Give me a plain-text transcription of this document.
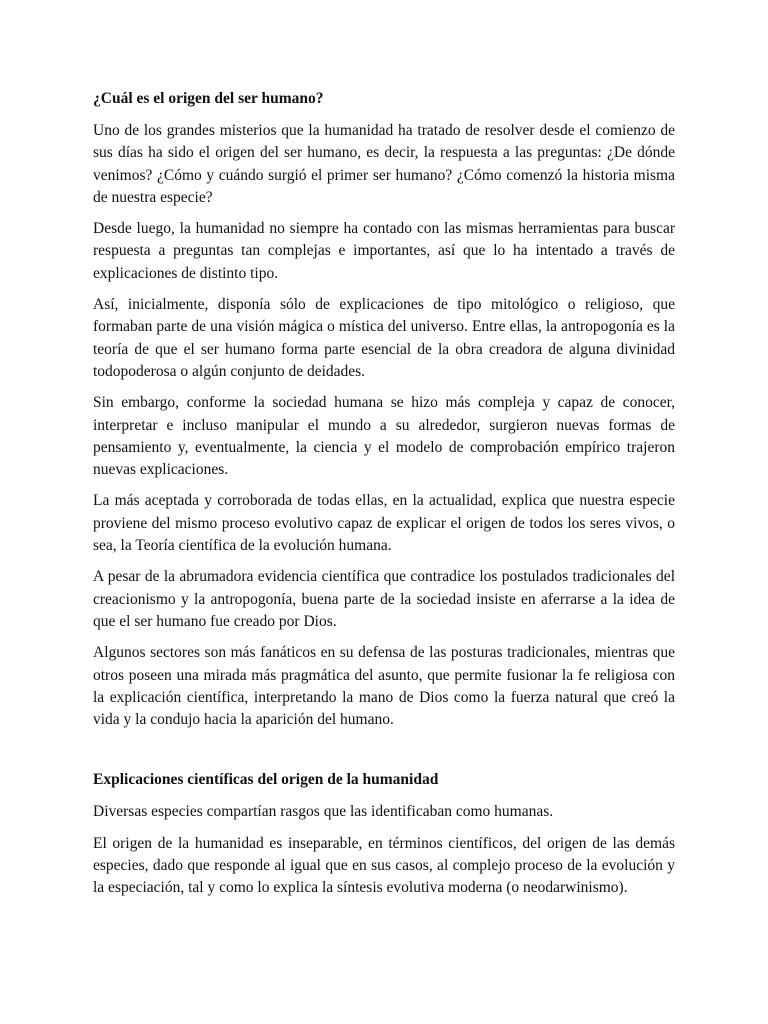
¿Cuál es el origen del ser humano?

Uno de los grandes misterios que la humanidad ha tratado de resolver desde el comienzo de sus días ha sido el origen del ser humano, es decir, la respuesta a las preguntas: ¿De dónde venimos? ¿Cómo y cuándo surgió el primer ser humano? ¿Cómo comenzó la historia misma de nuestra especie?

Desde luego, la humanidad no siempre ha contado con las mismas herramientas para buscar respuesta a preguntas tan complejas e importantes, así que lo ha intentado a través de explicaciones de distinto tipo.

Así, inicialmente, disponía sólo de explicaciones de tipo mitológico o religioso, que formaban parte de una visión mágica o mística del universo. Entre ellas, la antropogonía es la teoría de que el ser humano forma parte esencial de la obra creadora de alguna divinidad todopoderosa o algún conjunto de deidades.

Sin embargo, conforme la sociedad humana se hizo más compleja y capaz de conocer, interpretar e incluso manipular el mundo a su alrededor, surgieron nuevas formas de pensamiento y, eventualmente, la ciencia y el modelo de comprobación empírico trajeron nuevas explicaciones.

La más aceptada y corroborada de todas ellas, en la actualidad, explica que nuestra especie proviene del mismo proceso evolutivo capaz de explicar el origen de todos los seres vivos, o sea, la Teoría científica de la evolución humana.

A pesar de la abrumadora evidencia científica que contradice los postulados tradicionales del creacionismo y la antropogonía, buena parte de la sociedad insiste en aferrarse a la idea de que el ser humano fue creado por Dios.

Algunos sectores son más fanáticos en su defensa de las posturas tradicionales, mientras que otros poseen una mirada más pragmática del asunto, que permite fusionar la fe religiosa con la explicación científica, interpretando la mano de Dios como la fuerza natural que creó la vida y la condujo hacia la aparición del humano.

Explicaciones científicas del origen de la humanidad

Diversas especies compartían rasgos que las identificaban como humanas.

El origen de la humanidad es inseparable, en términos científicos, del origen de las demás especies, dado que responde al igual que en sus casos, al complejo proceso de la evolución y la especiación, tal y como lo explica la síntesis evolutiva moderna (o neodarwinismo).
